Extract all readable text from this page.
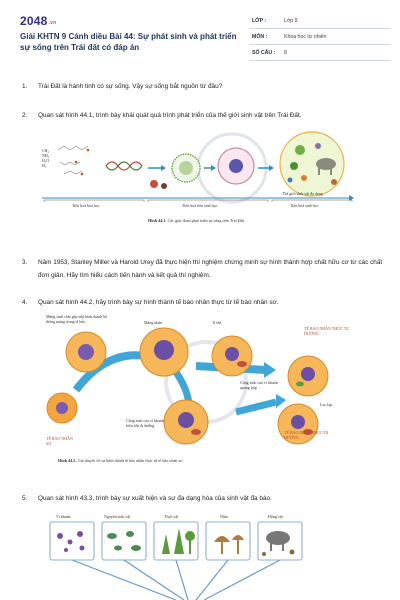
2048.vn
Giải KHTN 9 Cánh diều Bài 44: Sự phát sinh và phát triển sự sống trên Trái đất có đáp án
LỚP :	Lớp 9
MÔN :	Khoa học tự nhiên
SỐ CÂU : 8
1. Trái Đất là hành tinh có sự sống. Vậy sự sống bắt nguồn từ đâu?
2. Quan sát hình 44.1, trình bày khái quát quá trình phát triển của thế giới sinh vật trên Trái Đất.
CH₄
NH₃
H₂O
H₂
Thế giới sinh vật đa dạng
Tiến hoá hoá học	Tiến hoá tiền sinh học	Tiến hoá sinh học
Hình 44.1. Các giai đoạn phát triển sự sống trên Trái Đất
3. Năm 1953, Stanley Miller và Harold Urey đã thực hiện thí nghiệm chứng minh sự hình thành hợp chất hữu cơ từ các chất đơn giản. Hãy tìm hiểu cách tiến hành và kết quả thí nghiệm.
4. Quan sát hình 44.2, hãy trình bày sự hình thành tế bào nhân thực từ tế bào nhân sơ.
Màng sinh chất gấp nếp hình thành hệ thống màng trong tế bào	Màng nhân	Ti thể
TẾ BÀO NHÂN THỰC TỰ DƯỠNG
Cộng sinh của vi khuẩn quang hợp
Lục lạp
TẾ BÀO NHÂN SƠ
Cộng sinh của vi khuẩn hiếu khí dị dưỡng
TẾ BÀO NHÂN THỰC DỊ DƯỠNG
Hình 44.2. Giả thuyết về sự hình thành tế bào nhân thực từ tế bào nhân sơ
5. Quan sát hình 43.3, trình bày sự xuất hiện và sự đa dạng hóa của sinh vật đa bào.
Vi khuẩn	Nguyên sinh vật	Thực vật	Nấm	Động vật
